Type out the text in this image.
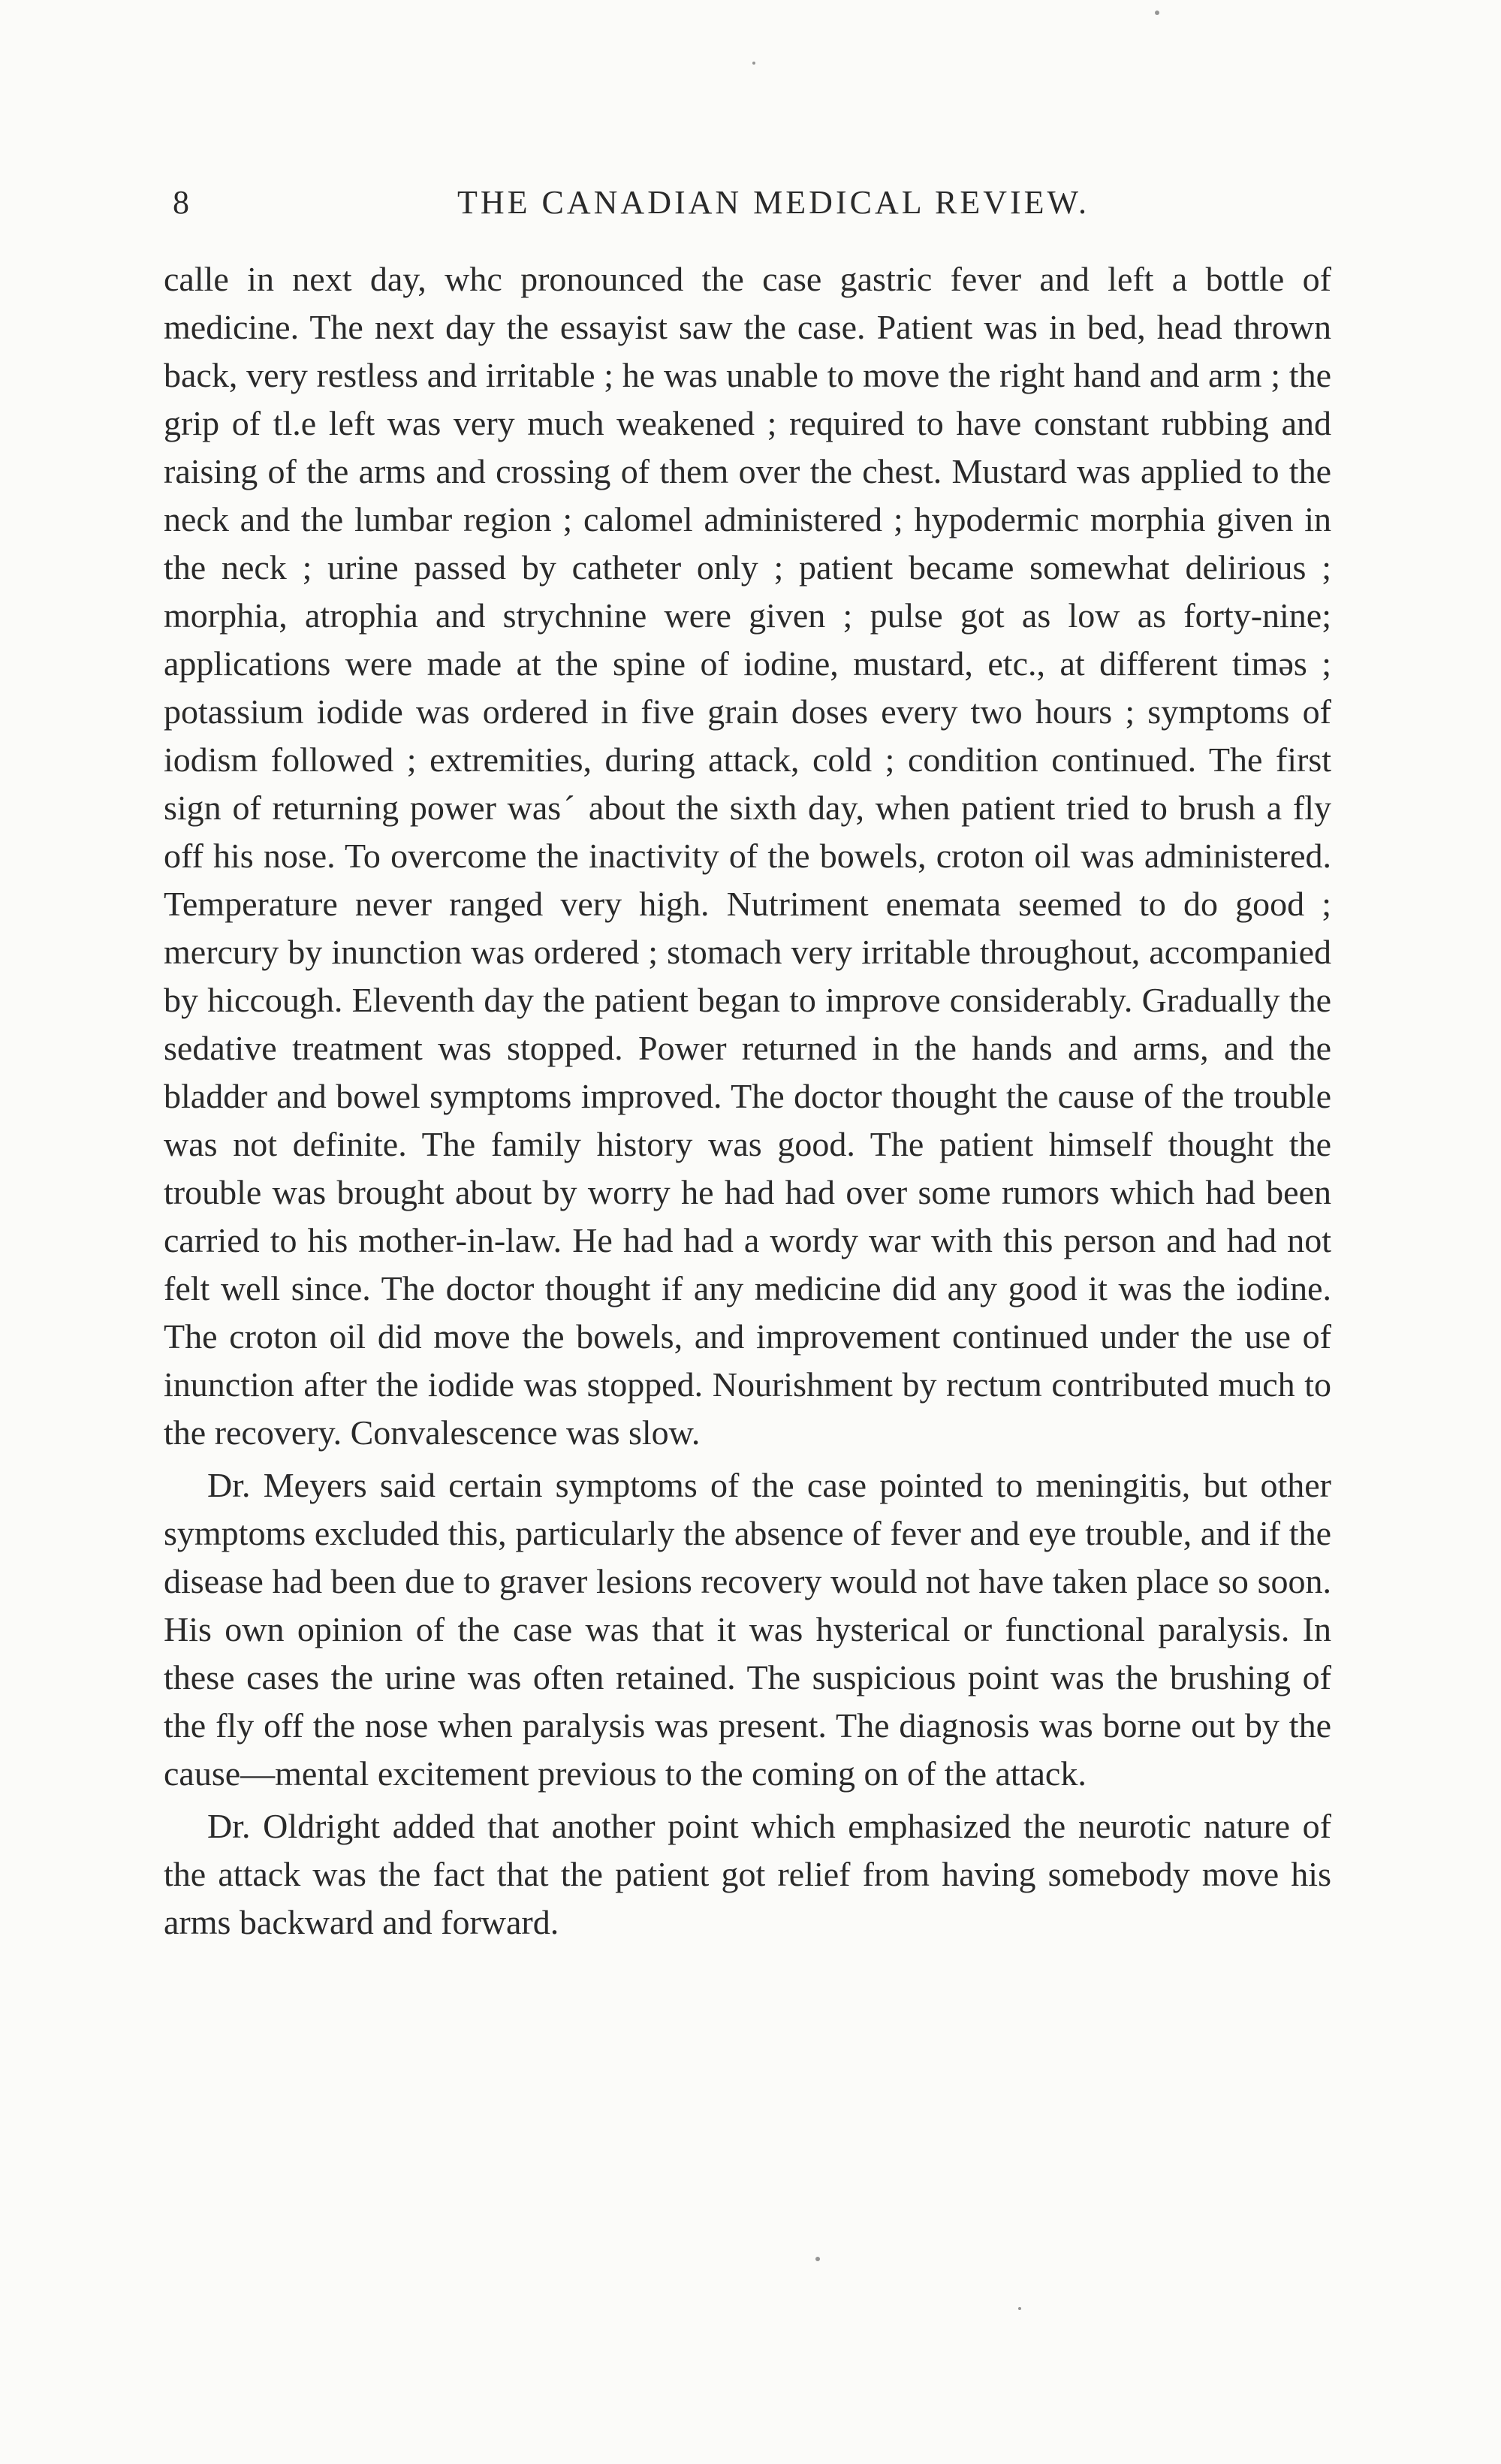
8	THE CANADIAN MEDICAL REVIEW.

calle in next day, whc pronounced the case gastric fever and left a bottle of medicine. The next day the essayist saw the case. Patient was in bed, head thrown back, very restless and irritable ; he was unable to move the right hand and arm ; the grip of tl.e left was very much weakened ; required to have constant rubbing and raising of the arms and crossing of them over the chest. Mustard was applied to the neck and the lumbar region ; calomel administered ; hypodermic morphia given in the neck ; urine passed by catheter only ; patient became somewhat delirious ; morphia, atrophia and strychnine were given ; pulse got as low as forty-nine; applications were made at the spine of iodine, mustard, etc., at different timəs ; potassium iodide was ordered in five grain doses every two hours ; symptoms of iodism followed ; extremities, during attack, cold ; condition continued. The first sign of returning power wasˊ about the sixth day, when patient tried to brush a fly off his nose. To overcome the inactivity of the bowels, croton oil was administered. Temperature never ranged very high. Nutriment enemata seemed to do good ; mercury by inunction was ordered ; stomach very irritable throughout, accompanied by hiccough. Eleventh day the patient began to improve considerably. Gradually the sedative treatment was stopped. Power returned in the hands and arms, and the bladder and bowel symptoms improved. The doctor thought the cause of the trouble was not definite. The family history was good. The patient himself thought the trouble was brought about by worry he had had over some rumors which had been carried to his mother-in-law. He had had a wordy war with this person and had not felt well since. The doctor thought if any medicine did any good it was the iodine. The croton oil did move the bowels, and improvement continued under the use of inunction after the iodide was stopped. Nourishment by rectum contributed much to the recovery. Convalescence was slow.

Dr. Meyers said certain symptoms of the case pointed to meningitis, but other symptoms excluded this, particularly the absence of fever and eye trouble, and if the disease had been due to graver lesions recovery would not have taken place so soon. His own opinion of the case was that it was hysterical or functional paralysis. In these cases the urine was often retained. The suspicious point was the brushing of the fly off the nose when paralysis was present. The diagnosis was borne out by the cause—mental excitement previous to the coming on of the attack.

Dr. Oldright added that another point which emphasized the neurotic nature of the attack was the fact that the patient got relief from having somebody move his arms backward and forward.
